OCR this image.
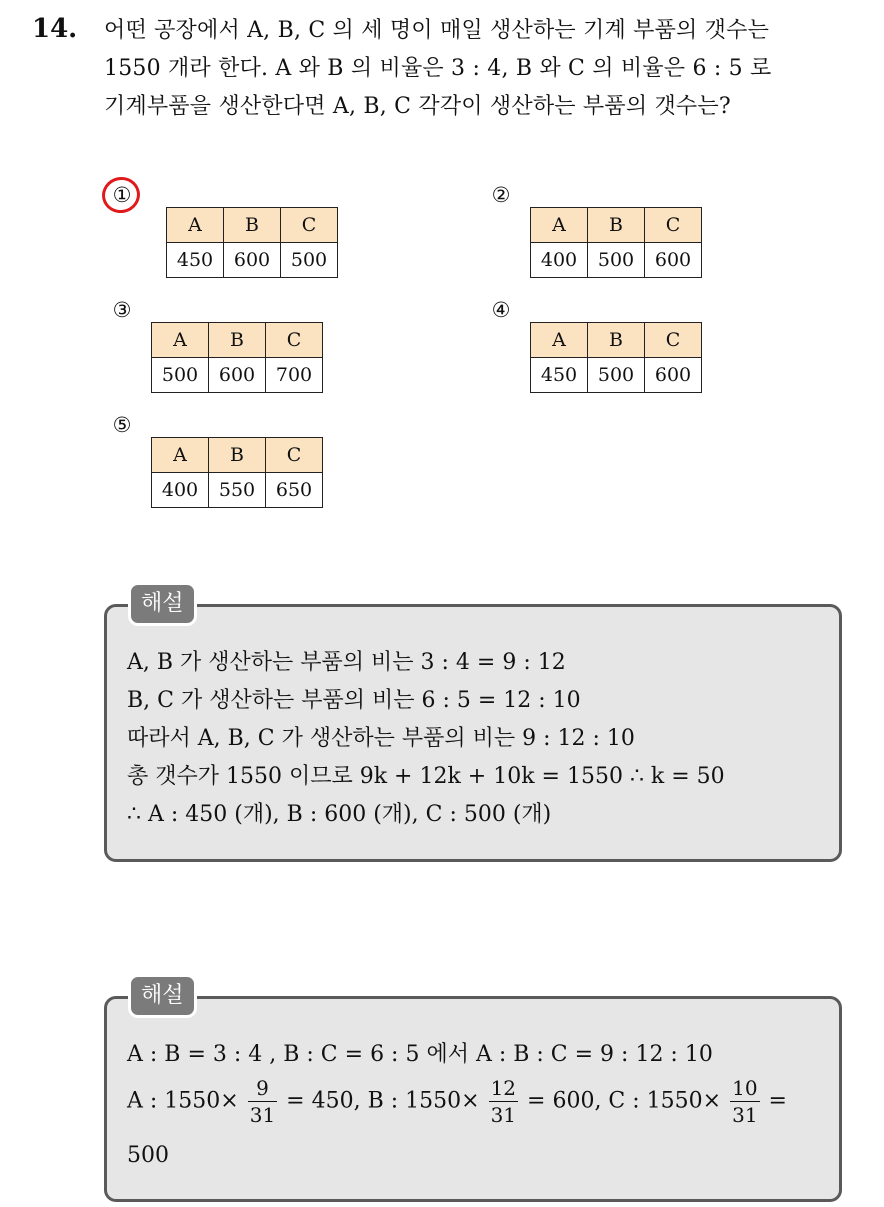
14. 어떤 공장에서 A, B, C 의 세 명이 매일 생산하는 기계 부품의 갯수는
1550 개라 한다. A 와 B 의 비율은 3 : 4, B 와 C 의 비율은 6 : 5 로
기계부품을 생산한다면 A, B, C 각각이 생산하는 부품의 갯수는?
①
A	B	C
450	600	500
②
A	B	C
400	500	600
③
A	B	C
500	600	700
④
A	B	C
450	500	600
⑤
A	B	C
400	550	650
A, B 가 생산하는 부품의 비는 3 : 4 = 9 : 12
B, C 가 생산하는 부품의 비는 6 : 5 = 12 : 10
따라서 A, B, C 가 생산하는 부품의 비는 9 : 12 : 10
총 갯수가 1550 이므로 9k + 12k + 10k = 1550 ∴ k = 50
∴ A : 450 (개), B : 600 (개), C : 500 (개)
해설
A : B = 3 : 4 , B : C = 6 : 5 에서 A : B : C = 9 : 12 : 10
A : $1550\times \frac{9}{31} = 450$, B : $1550\times \frac{12}{31} = 600$, C : $1550\times \frac{10}{31}$ =
500
해설
